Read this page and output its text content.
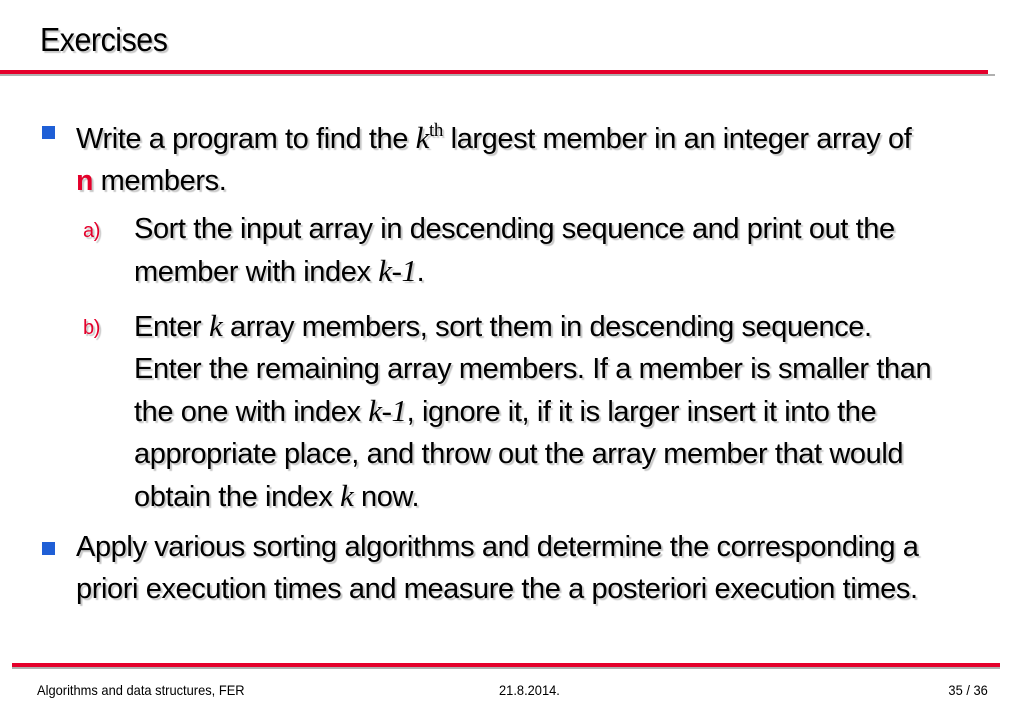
Exercises
Write a program to find the $k^{th}$ largest member in an integer array of
n members.
a) Sort the input array in descending sequence and print out the
member with index k-1.
b) Enter k array members, sort them in descending sequence.
Enter the remaining array members. If a member is smaller than
the one with index k-1, ignore it, if it is larger insert it into the
appropriate place, and throw out the array member that would
obtain the index k now.
Apply various sorting algorithms and determine the corresponding a
priori execution times and measure the a posteriori execution times.
Algorithms and data structures, FER	21.8.2014.	35 / 36
